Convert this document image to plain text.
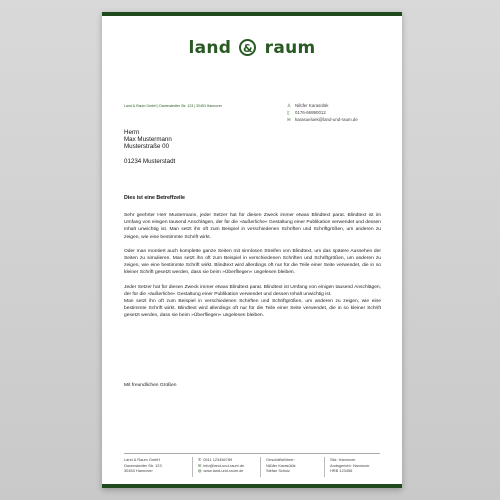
land & raum
Land & Raum GmbH | Davenstedter Str. 123 | 30453 Hannover	♙ Nilüfer Karasülük
▯ 0176-66990012
✉ karasueluek@land-und-raum.de
Herrn
Max Mustermann
Musterstraße 00
01234 Musterstadt
Dies ist eine Betreffzeile

Sehr geehrter Herr Mustermann, jeder Setzer hat für diesen Zweck immer etwas Blindtext parat. Blindtext ist im Umfang von einigen tausend Anschlägen, der für die »äußerliche« Gestaltung einer Publikation verwendet und dessen Inhalt unwichtig ist. Man setzt ihn oft zum Beispiel in verschiedenen Schriften und Schriftgrößen, um anderen zu zeigen, wie eine bestimmte Schrift wirkt.

Oder man montiert auch komplette ganze Seiten mit sinnlosen Streifen von Blindtext, um das spätere Aussehen der Seiten zu simulieren. Man setzt ihn oft zum Beispiel in verschiedenen Schriften und Schriftgrößen, um anderen zu zeigen, wie eine bestimmte Schrift wirkt. Blindtext wird allerdings oft nur für die Teile einer Seite verwendet, die in so kleiner Schrift gesetzt werden, dass sie beim »Überfliegen« ungelesen bleiben.

Jeder Setzer hat für diesen Zweck immer etwas Blindtext parat. Blindtext ist Umfang von einigen tausend Anschlägen, der für die »äußerliche« Gestaltung einer Publikation verwendet und dessen Inhalt unwichtig ist.

Man setzt ihn oft zum Beispiel in verschiedenen Schriften und Schriftgrößen, um anderen zu zeigen, wie eine bestimmte Schrift wirkt. Blindtext wird allerdings oft nur für die Teile einer Seite verwendet, die in so kleiner Schrift gesetzt werden, dass sie beim »Überfliegen« ungelesen bleiben.

Mit freundlichen Grüßen
Land & Raum GmbH
Davenstedter Str. 123
30453 Hannover
✆ 0511 123456789
✉ info@land-und-raum.de
◍ www.land-und-raum.de
Geschäftsführer:
Nilüfer Karasülük
Stefan Schulz
Sitz: Hannover
Amtsgericht: Hannover
HRB 123456
